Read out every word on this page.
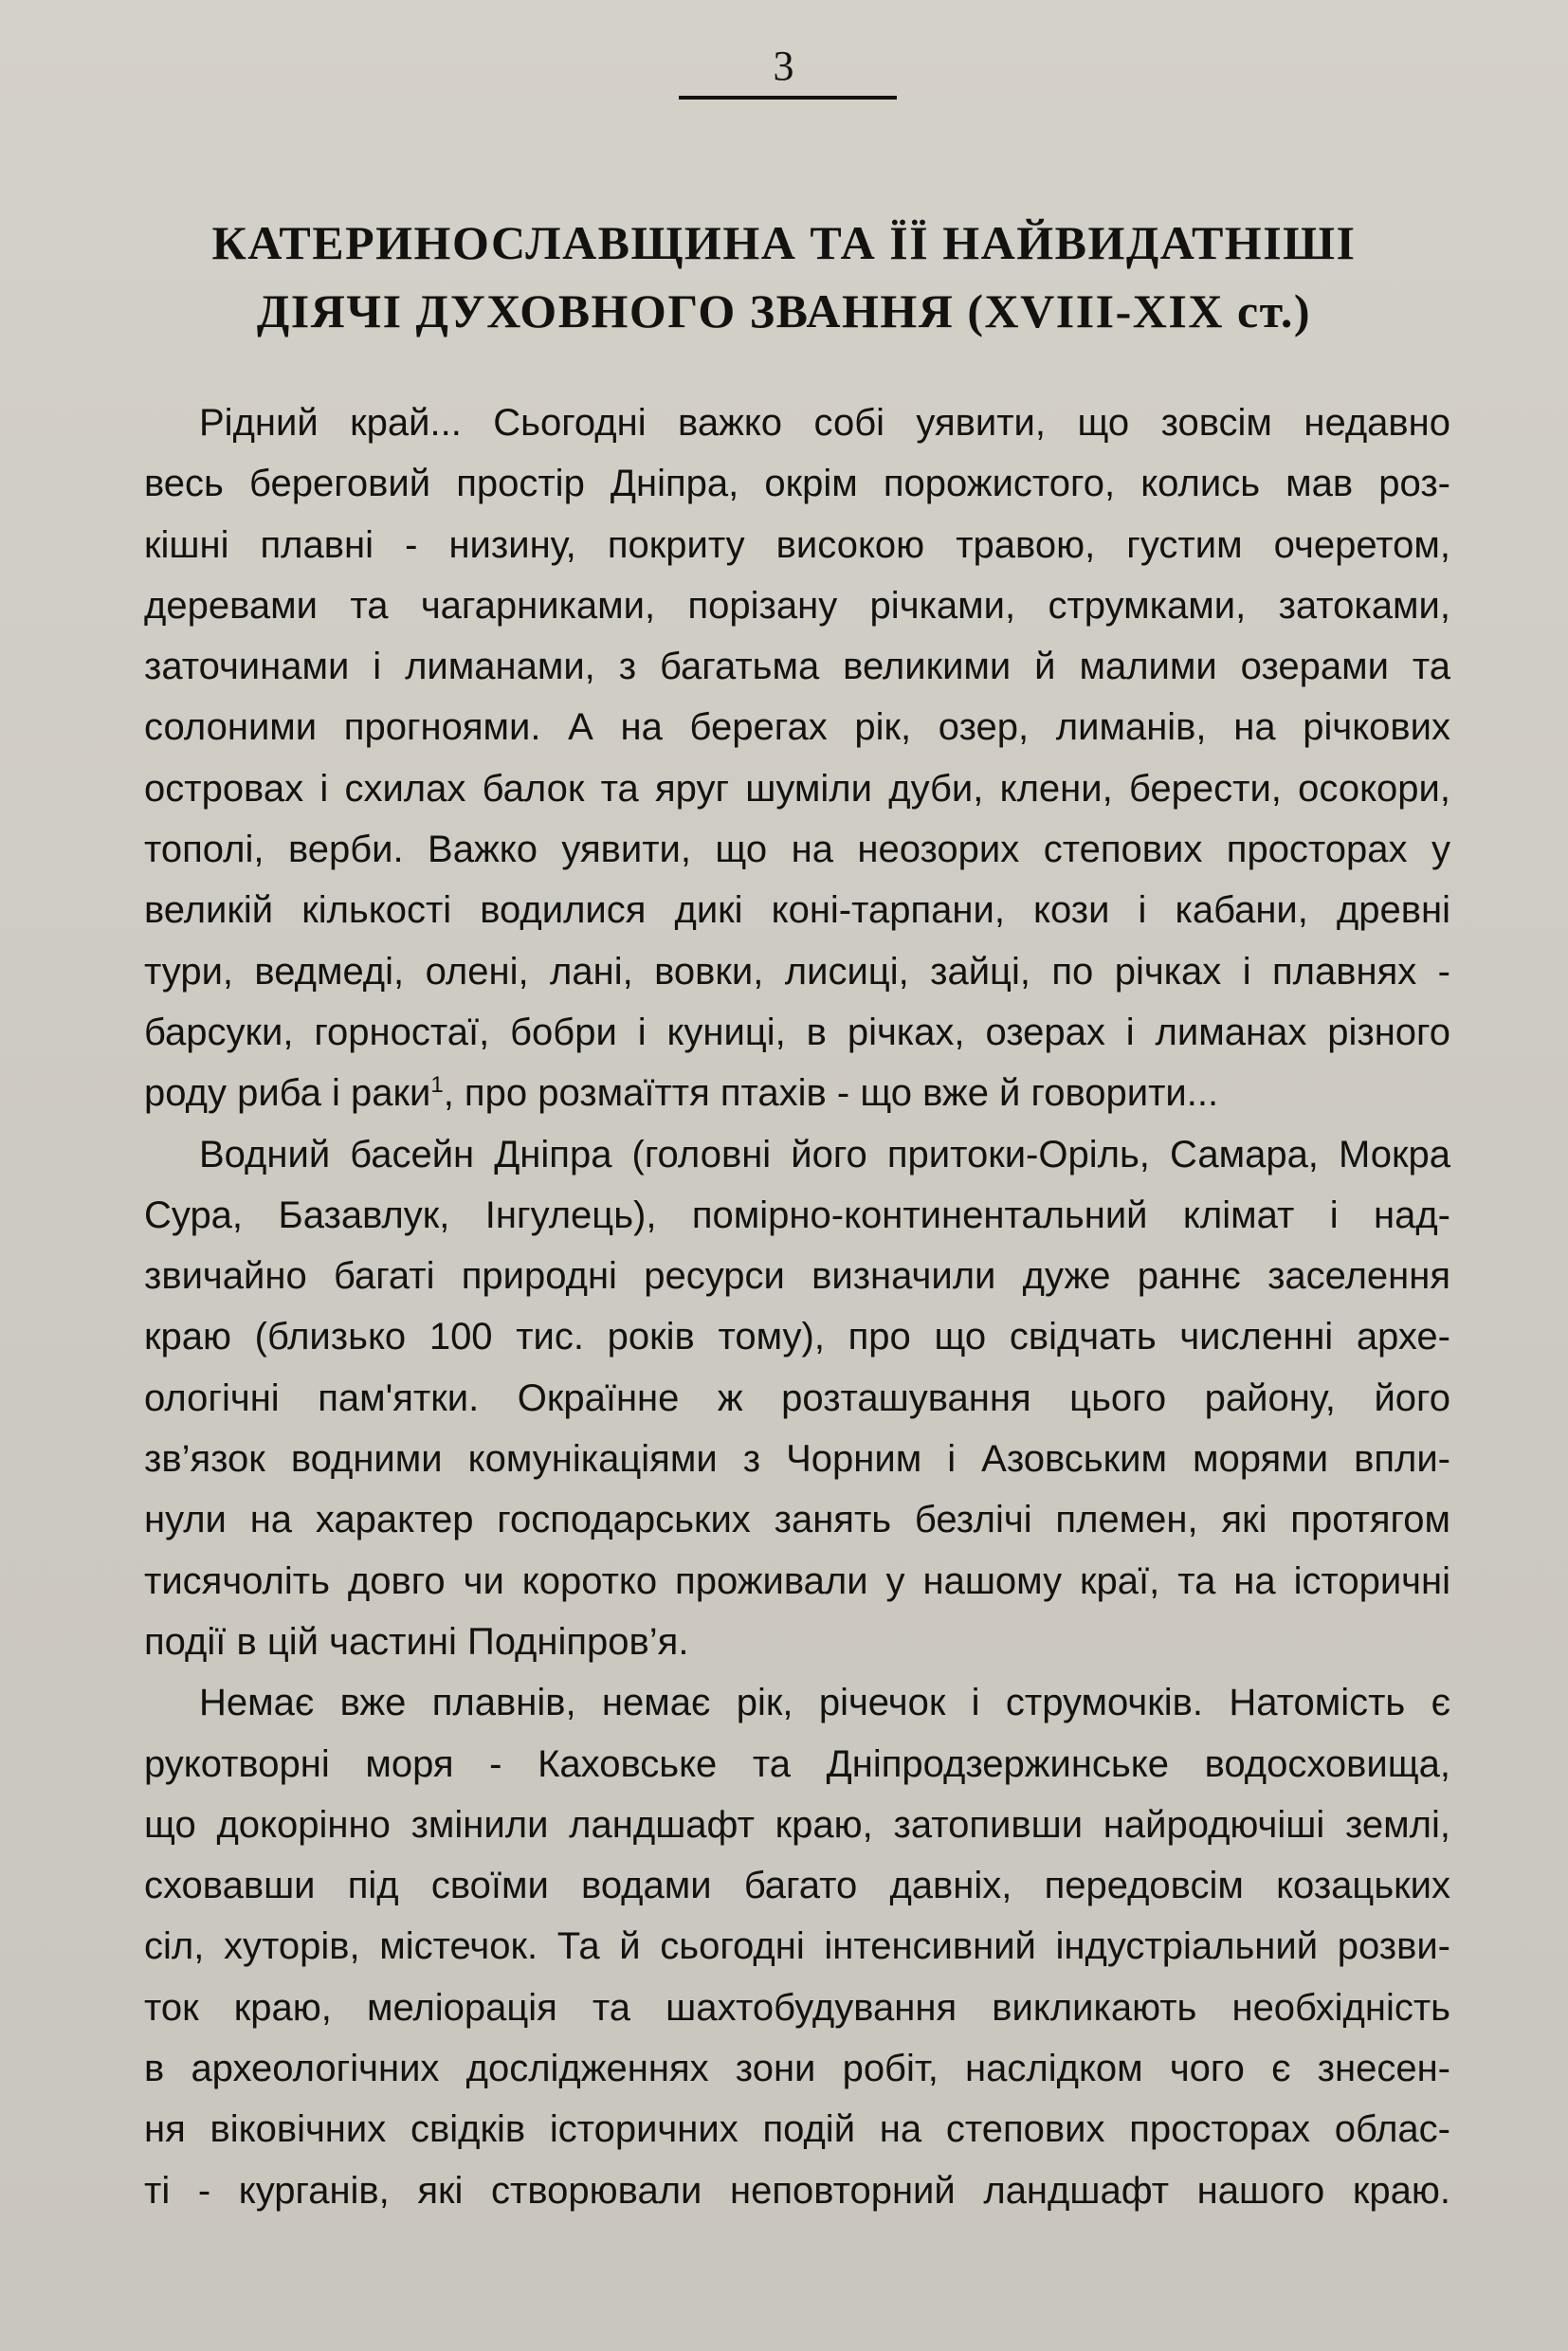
3
КАТЕРИНОСЛАВЩИНА ТА ЇЇ НАЙВИДАТНІШІ
ДІЯЧІ ДУХОВНОГО ЗВАННЯ (XVIII-XIX ст.)
Рідний край... Сьогодні важко собі уявити, що зовсім недавно
весь береговий простір Дніпра, окрім порожистого, колись мав роз-
кішні плавні - низину, покриту високою травою, густим очеретом,
деревами та чагарниками, порізану річками, струмками, затоками,
заточинами і лиманами, з багатьма великими й малими озерами та
солоними прогноями. А на берегах рік, озер, лиманів, на річкових
островах і схилах балок та яруг шуміли дуби, клени, берести, осокори,
тополі, верби. Важко уявити, що на неозорих степових просторах у
великій кількості водилися дикі коні-тарпани, кози і кабани, древні
тури, ведмеді, олені, лані, вовки, лисиці, зайці, по річках і плавнях -
барсуки, горностаї, бобри і куниці, в річках, озерах і лиманах різного
роду риба і раки$^1$, про розмаїття птахів - що вже й говорити...
Водний басейн Дніпра (головні його притоки-Оріль, Самара, Мокра
Сура, Базавлук, Інгулець), помірно-континентальний клімат і над-
звичайно багаті природні ресурси визначили дуже раннє заселення
краю (близько 100 тис. років тому), про що свідчать численні архе-
ологічні пам'ятки. Окраїнне ж розташування цього району, його
зв’язок водними комунікаціями з Чорним і Азовським морями впли-
нули на характер господарських занять безлічі племен, які протягом
тисячоліть довго чи коротко проживали у нашому краї, та на історичні
події в цій частині Подніпров’я.
Немає вже плавнів, немає рік, річечок і струмочків. Натомість є
рукотворні моря - Каховське та Дніпродзержинське водосховища,
що докорінно змінили ландшафт краю, затопивши найродючіші землі,
сховавши під своїми водами багато давніх, передовсім козацьких
сіл, хуторів, містечок. Та й сьогодні інтенсивний індустріальний розви-
ток краю, меліорація та шахтобудування викликають необхідність
в археологічних дослідженнях зони робіт, наслідком чого є знесен-
ня віковічних свідків історичних подій на степових просторах облас-
ті - курганів, які створювали неповторний ландшафт нашого краю.
